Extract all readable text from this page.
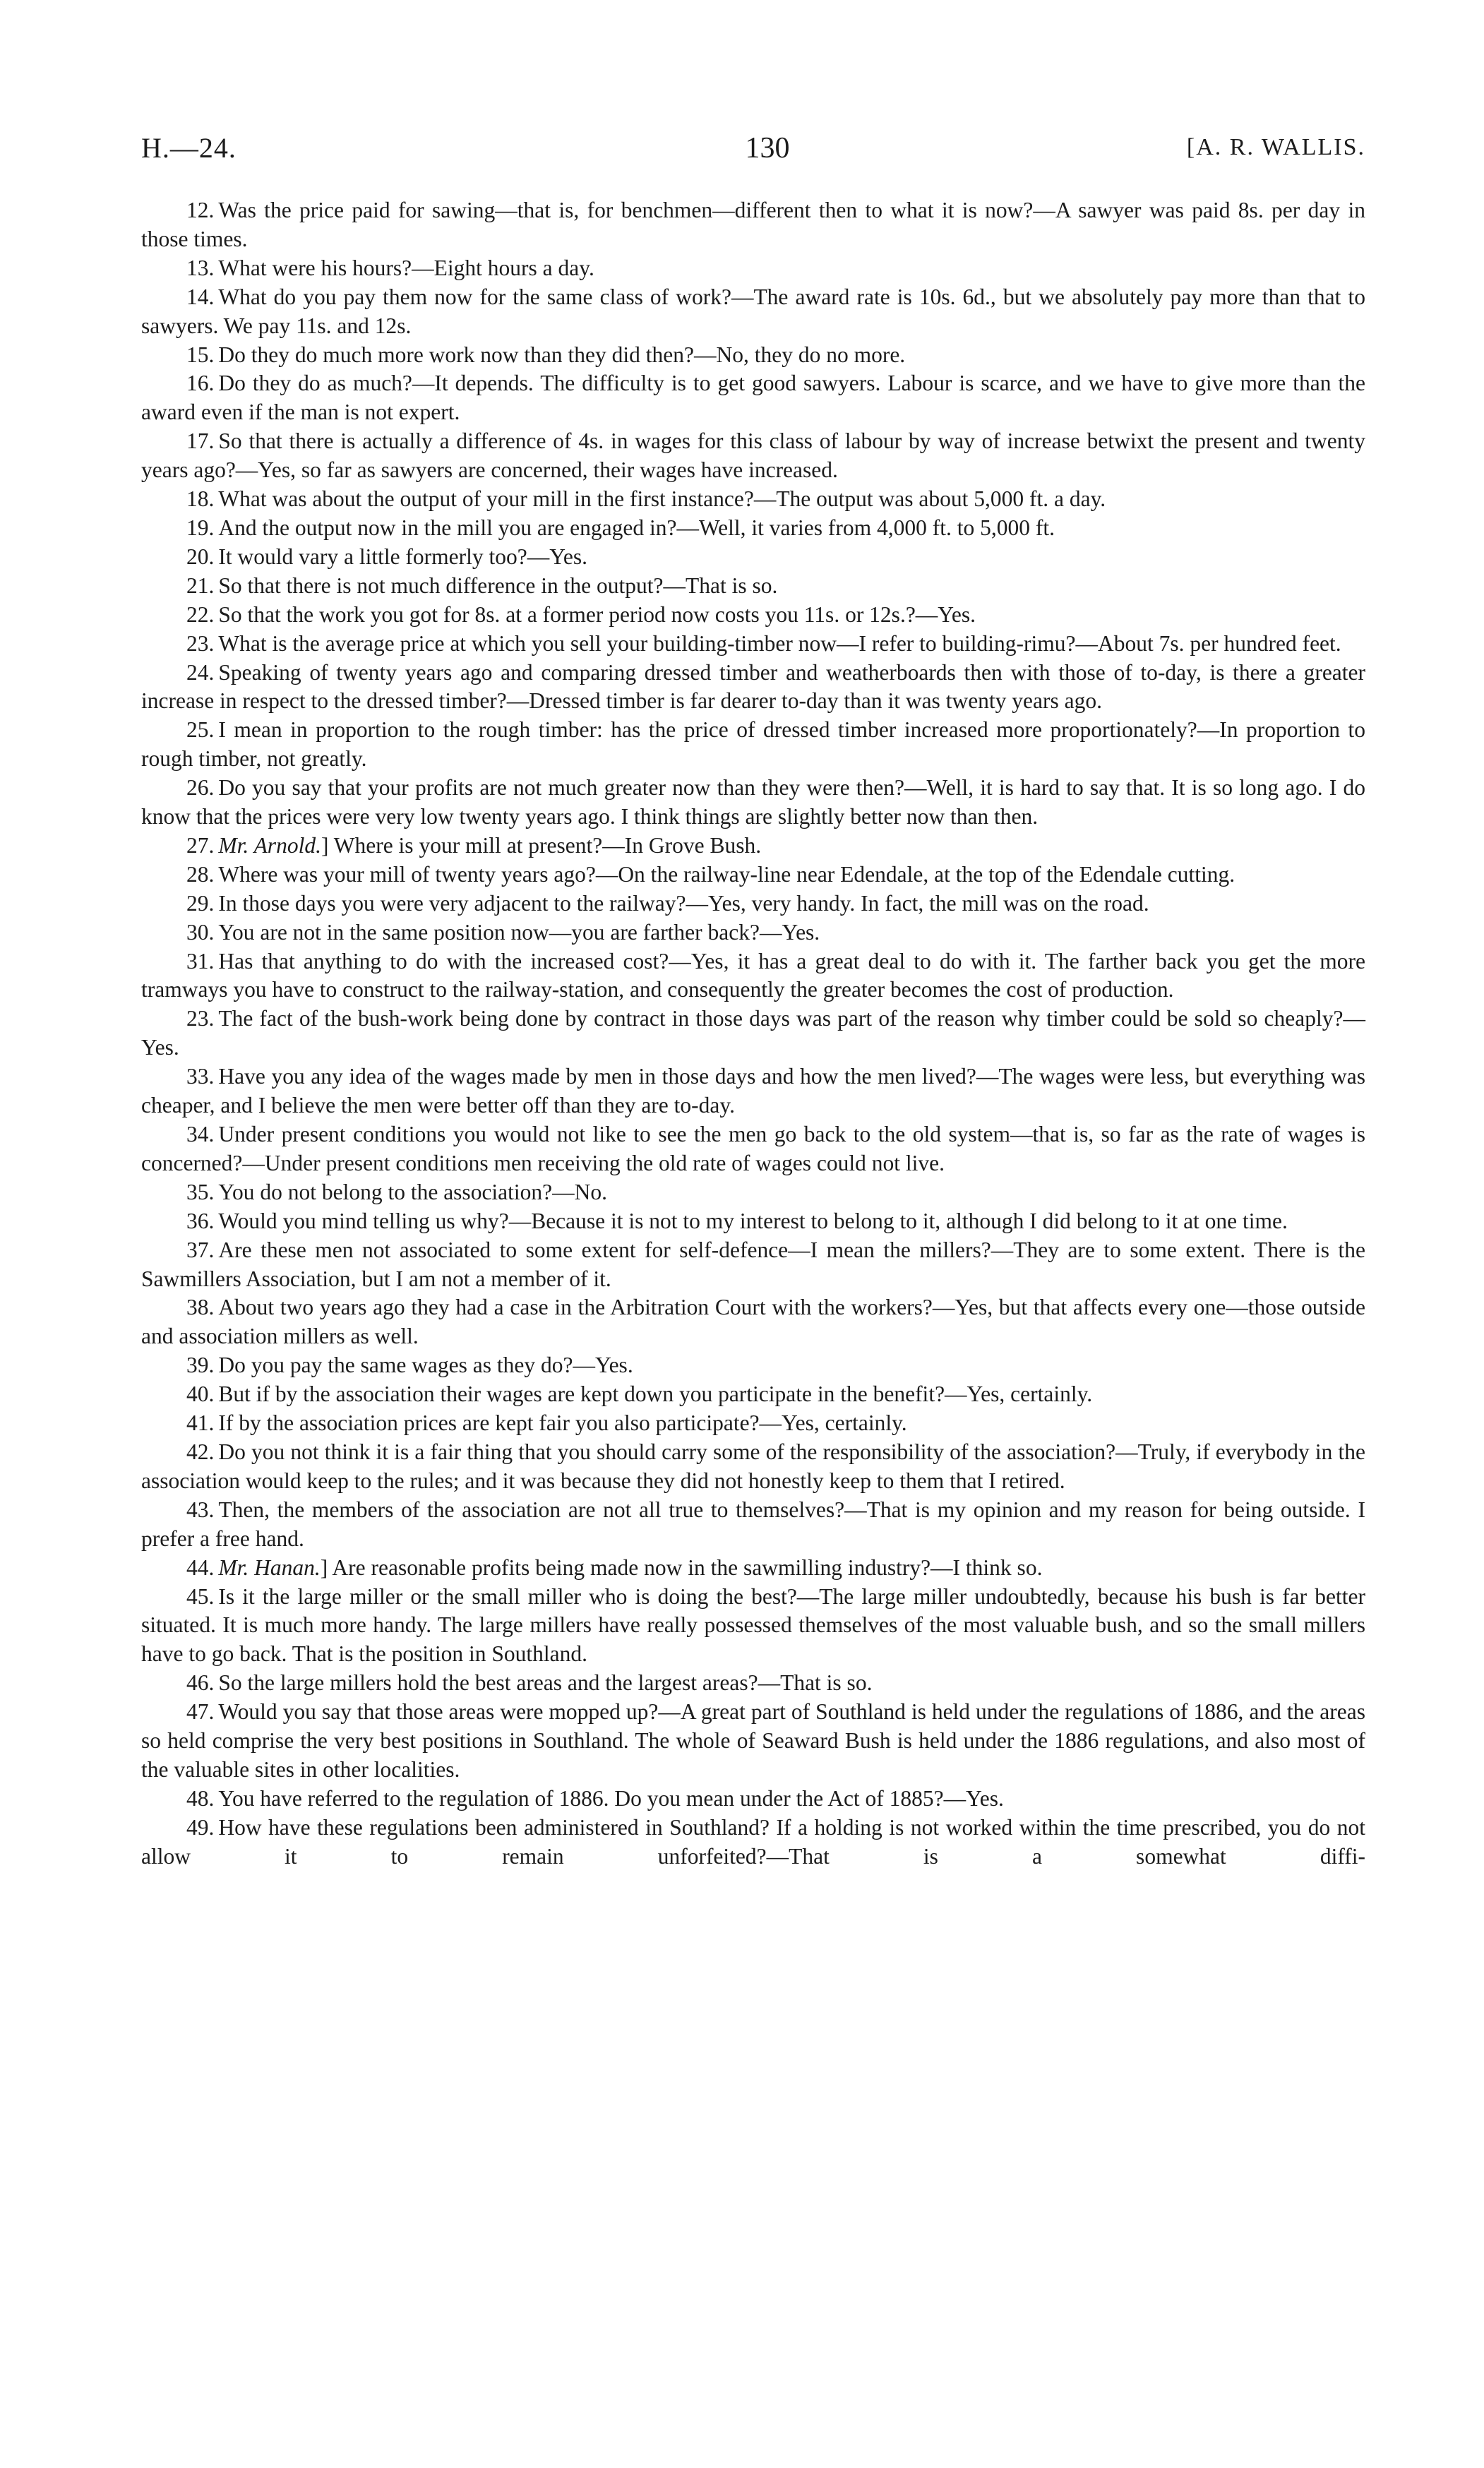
H.—24.	130	[A. R. WALLIS.

12. Was the price paid for sawing—that is, for benchmen—different then to what it is now?—A sawyer was paid 8s. per day in those times.

13. What were his hours?—Eight hours a day.

14. What do you pay them now for the same class of work?—The award rate is 10s. 6d., but we absolutely pay more than that to sawyers. We pay 11s. and 12s.

15. Do they do much more work now than they did then?—No, they do no more.

16. Do they do as much?—It depends. The difficulty is to get good sawyers. Labour is scarce, and we have to give more than the award even if the man is not expert.

17. So that there is actually a difference of 4s. in wages for this class of labour by way of increase betwixt the present and twenty years ago?—Yes, so far as sawyers are concerned, their wages have increased.

18. What was about the output of your mill in the first instance?—The output was about 5,000 ft. a day.

19. And the output now in the mill you are engaged in?—Well, it varies from 4,000 ft. to 5,000 ft.

20. It would vary a little formerly too?—Yes.

21. So that there is not much difference in the output?—That is so.

22. So that the work you got for 8s. at a former period now costs you 11s. or 12s.?—Yes.

23. What is the average price at which you sell your building-timber now—I refer to building-rimu?—About 7s. per hundred feet.

24. Speaking of twenty years ago and comparing dressed timber and weatherboards then with those of to-day, is there a greater increase in respect to the dressed timber?—Dressed timber is far dearer to-day than it was twenty years ago.

25. I mean in proportion to the rough timber: has the price of dressed timber increased more proportionately?—In proportion to rough timber, not greatly.

26. Do you say that your profits are not much greater now than they were then?—Well, it is hard to say that. It is so long ago. I do know that the prices were very low twenty years ago. I think things are slightly better now than then.

27. Mr. Arnold.] Where is your mill at present?—In Grove Bush.

28. Where was your mill of twenty years ago?—On the railway-line near Edendale, at the top of the Edendale cutting.

29. In those days you were very adjacent to the railway?—Yes, very handy. In fact, the mill was on the road.

30. You are not in the same position now—you are farther back?—Yes.

31. Has that anything to do with the increased cost?—Yes, it has a great deal to do with it. The farther back you get the more tramways you have to construct to the railway-station, and consequently the greater becomes the cost of production.

23. The fact of the bush-work being done by contract in those days was part of the reason why timber could be sold so cheaply?—Yes.

33. Have you any idea of the wages made by men in those days and how the men lived?—The wages were less, but everything was cheaper, and I believe the men were better off than they are to-day.

34. Under present conditions you would not like to see the men go back to the old system—that is, so far as the rate of wages is concerned?—Under present conditions men receiving the old rate of wages could not live.

35. You do not belong to the association?—No.

36. Would you mind telling us why?—Because it is not to my interest to belong to it, although I did belong to it at one time.

37. Are these men not associated to some extent for self-defence—I mean the millers?—They are to some extent. There is the Sawmillers Association, but I am not a member of it.

38. About two years ago they had a case in the Arbitration Court with the workers?—Yes, but that affects every one—those outside and association millers as well.

39. Do you pay the same wages as they do?—Yes.

40. But if by the association their wages are kept down you participate in the benefit?—Yes, certainly.

41. If by the association prices are kept fair you also participate?—Yes, certainly.

42. Do you not think it is a fair thing that you should carry some of the responsibility of the association?—Truly, if everybody in the association would keep to the rules; and it was because they did not honestly keep to them that I retired.

43. Then, the members of the association are not all true to themselves?—That is my opinion and my reason for being outside. I prefer a free hand.

44. Mr. Hanan.] Are reasonable profits being made now in the sawmilling industry?—I think so.

45. Is it the large miller or the small miller who is doing the best?—The large miller undoubtedly, because his bush is far better situated. It is much more handy. The large millers have really possessed themselves of the most valuable bush, and so the small millers have to go back. That is the position in Southland.

46. So the large millers hold the best areas and the largest areas?—That is so.

47. Would you say that those areas were mopped up?—A great part of Southland is held under the regulations of 1886, and the areas so held comprise the very best positions in Southland. The whole of Seaward Bush is held under the 1886 regulations, and also most of the valuable sites in other localities.

48. You have referred to the regulation of 1886. Do you mean under the Act of 1885?—Yes.

49. How have these regulations been administered in Southland? If a holding is not worked within the time prescribed, you do not allow it to remain unforfeited?—That is a somewhat diffi-
